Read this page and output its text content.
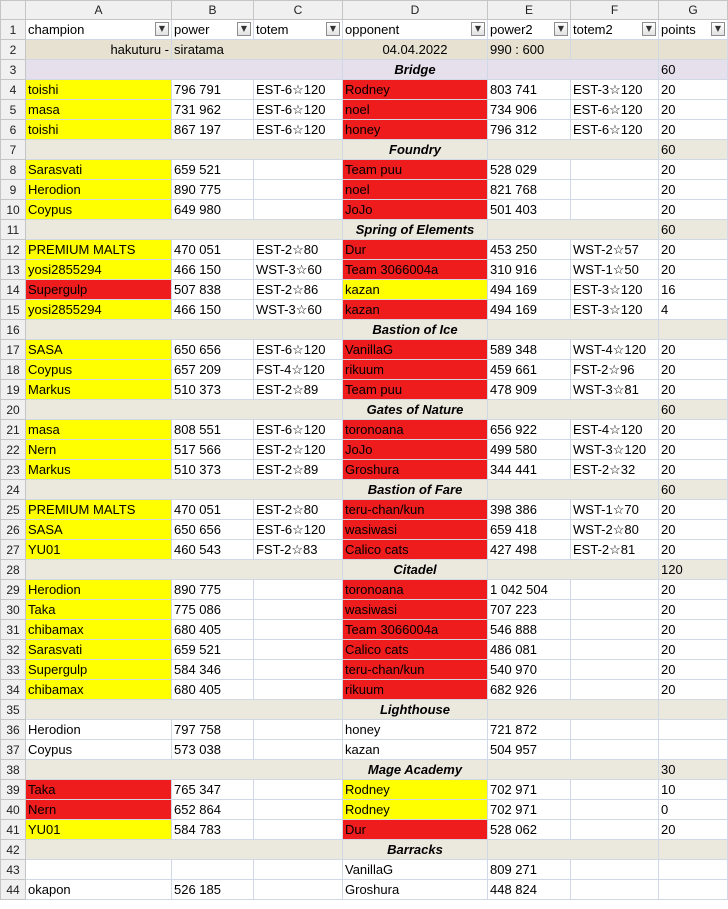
	A	B	C	D	E	F	G
1	champion ▼	power ▼	totem ▼	opponent ▼	power2 ▼	totem2 ▼	points ▼

2	hakuturu -	siratama		04.04.2022	990 : 600		
3				Bridge			60
4	toishi	796 791	EST-6☆120	Rodney	803 741	EST-3☆120	20
5	masa	731 962	EST-6☆120	noel	734 906	EST-6☆120	20
6	toishi	867 197	EST-6☆120	honey	796 312	EST-6☆120	20
7				Foundry			60
8	Sarasvati	659 521		Team puu	528 029		20
9	Herodion	890 775		noel	821 768		20
10	Coypus	649 980		JoJo	501 403		20
11				Spring of Elements			60
12	PREMIUM MALTS	470 051	EST-2☆80	Dur	453 250	WST-2☆57	20
13	yosi2855294	466 150	WST-3☆60	Team 3066004a	310 916	WST-1☆50	20
14	Supergulp	507 838	EST-2☆86	kazan	494 169	EST-3☆120	16
15	yosi2855294	466 150	WST-3☆60	kazan	494 169	EST-3☆120	4
16				Bastion of Ice			
17	SASA	650 656	EST-6☆120	VanillaG	589 348	WST-4☆120	20
18	Coypus	657 209	FST-4☆120	rikuum	459 661	FST-2☆96	20
19	Markus	510 373	EST-2☆89	Team puu	478 909	WST-3☆81	20
20				Gates of Nature			60
21	masa	808 551	EST-6☆120	toronoana	656 922	EST-4☆120	20
22	Nern	517 566	EST-2☆120	JoJo	499 580	WST-3☆120	20
23	Markus	510 373	EST-2☆89	Groshura	344 441	EST-2☆32	20
24				Bastion of Fare			60
25	PREMIUM MALTS	470 051	EST-2☆80	teru-chan/kun	398 386	WST-1☆70	20
26	SASA	650 656	EST-6☆120	wasiwasi	659 418	WST-2☆80	20
27	YU01	460 543	FST-2☆83	Calico cats	427 498	EST-2☆81	20
28				Citadel			120
29	Herodion	890 775		toronoana	1 042 504		20
30	Taka	775 086		wasiwasi	707 223		20
31	chibamax	680 405		Team 3066004a	546 888		20
32	Sarasvati	659 521		Calico cats	486 081		20
33	Supergulp	584 346		teru-chan/kun	540 970		20
34	chibamax	680 405		rikuum	682 926		20
35				Lighthouse			
36	Herodion	797 758		honey	721 872		
37	Coypus	573 038		kazan	504 957		
38				Mage Academy			30
39	Taka	765 347		Rodney	702 971		10
40	Nern	652 864		Rodney	702 971		0
41	YU01	584 783		Dur	528 062		20
42				Barracks			
43				VanillaG	809 271		
44	okapon	526 185		Groshura	448 824		
